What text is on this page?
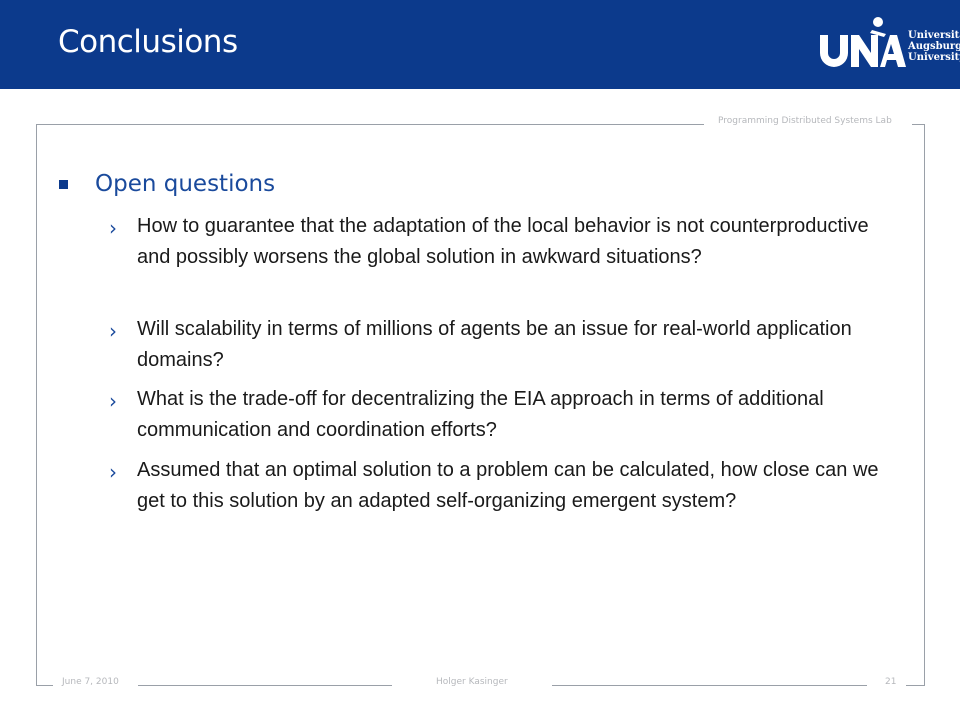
Conclusions	Universität
Augsburg
University
Programming Distributed Systems Lab
Open questions
› How to guarantee that the adaptation of the local behavior is not counterproductive and possibly worsens the global solution in awkward situations?
› Will scalability in terms of millions of agents be an issue for real-world application domains?
› What is the trade-off for decentralizing the EIA approach in terms of additional communication and coordination efforts?
› Assumed that an optimal solution to a problem can be calculated, how close can we get to this solution by an adapted self-organizing emergent system?
June 7, 2010	Holger Kasinger	21
